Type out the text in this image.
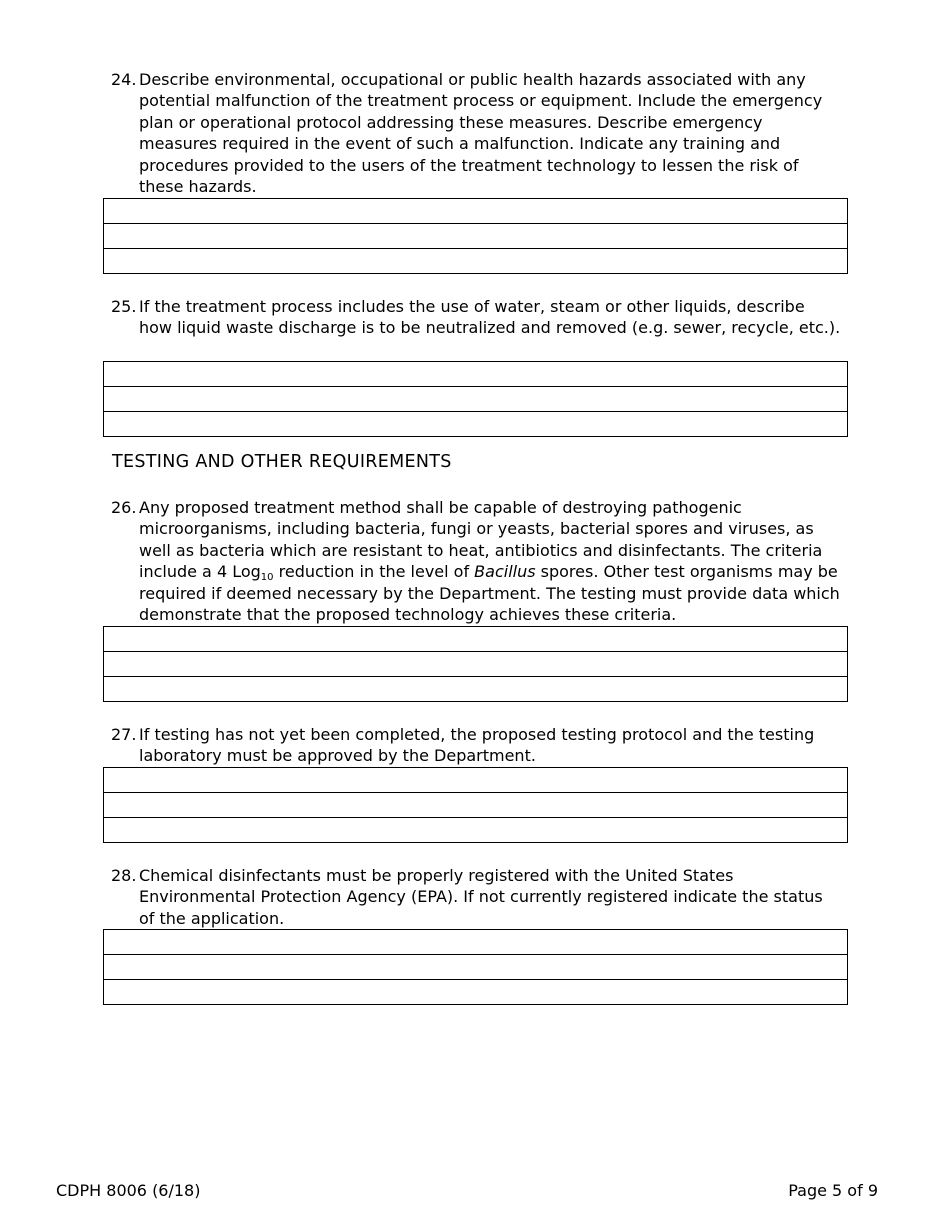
24. Describe environmental, occupational or public health hazards associated with any potential malfunction of the treatment process or equipment. Include the emergency plan or operational protocol addressing these measures. Describe emergency measures required in the event of such a malfunction. Indicate any training and procedures provided to the users of the treatment technology to lessen the risk of these hazards.

25. If the treatment process includes the use of water, steam or other liquids, describe how liquid waste discharge is to be neutralized and removed (e.g. sewer, recycle, etc.).

TESTING AND OTHER REQUIREMENTS
26. Any proposed treatment method shall be capable of destroying pathogenic microorganisms, including bacteria, fungi or yeasts, bacterial spores and viruses, as well as bacteria which are resistant to heat, antibiotics and disinfectants. The criteria include a 4 Log$_{10}$ reduction in the level of Bacillus spores. Other test organisms may be required if deemed necessary by the Department. The testing must provide data which demonstrate that the proposed technology achieves these criteria.

27. If testing has not yet been completed, the proposed testing protocol and the testing laboratory must be approved by the Department.

28. Chemical disinfectants must be properly registered with the United States Environmental Protection Agency (EPA). If not currently registered indicate the status of the application.

CDPH 8006 (6/18)	Page 5 of 9
